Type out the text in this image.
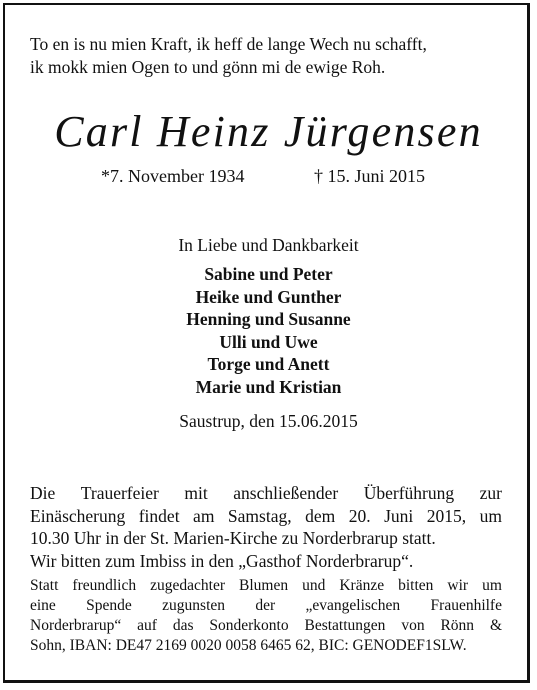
To en is nu mien Kraft, ik heff de lange Wech nu schafft,
ik mokk mien Ogen to und gönn mi de ewige Roh.
Carl Heinz Jürgensen
*7. November 1934	† 15. Juni 2015
In Liebe und Dankbarkeit
Sabine und Peter
Heike und Gunther
Henning und Susanne
Ulli und Uwe
Torge und Anett
Marie und Kristian
Saustrup, den 15.06.2015
Die Trauerfeier mit anschließender Überführung zur
Einäscherung findet am Samstag, dem 20. Juni 2015, um
10.30 Uhr in der St. Marien-Kirche zu Norderbrarup statt.
Wir bitten zum Imbiss in den „Gasthof Norderbrarup“.
Statt freundlich zugedachter Blumen und Kränze bitten wir um
eine Spende zugunsten der „evangelischen Frauenhilfe
Norderbrarup“ auf das Sonderkonto Bestattungen von Rönn &
Sohn, IBAN: DE47 2169 0020 0058 6465 62, BIC: GENODEF1SLW.
